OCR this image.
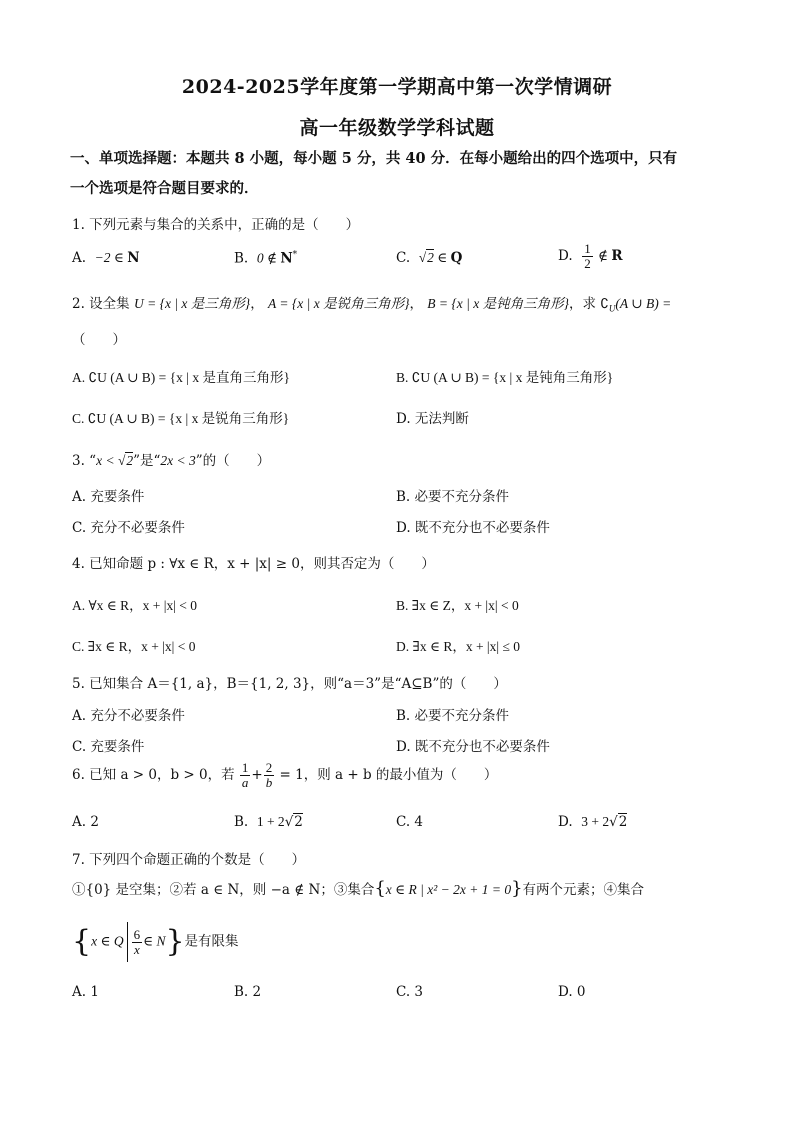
2024-2025学年度第一学期高中第一次学情调研
高一年级数学学科试题
一、单项选择题：本题共 8 小题，每小题 5 分，共 40 分．在每小题给出的四个选项中，只有
一个选项是符合题目要求的．
1. 下列元素与集合的关系中，正确的是（　　）
A. −2 ∈ N	B. 0 ∉ N*	C. √2 ∈ Q	D. $\frac{1}{2}$ ∉ R
2. 设全集 U = {x | x 是三角形}， A = {x | x 是锐角三角形}， B = {x | x 是钝角三角形}，求 $∁_U(A$ ∪ B) =
（　　）
A. ∁U (A ∪ B) = {x | x 是直角三角形}	B. ∁U (A ∪ B) = {x | x 是钝角三角形}
C. ∁U (A ∪ B) = {x | x 是锐角三角形}	D. 无法判断
3. “x < √2”是“2x < 3”的（　　）
A. 充要条件	B. 必要不充分条件
C. 充分不必要条件	D. 既不充分也不必要条件
4. 已知命题 p : ∀x ∈ R，x + |x| ≥ 0，则其否定为（　　）
A. ∀x ∈ R，x + |x| < 0	B. ∃x ∈ Z，x + |x| < 0
C. ∃x ∈ R，x + |x| < 0	D. ∃x ∈ R，x + |x| ≤ 0
5. 已知集合 A＝{1, a}，B＝{1, 2, 3}，则“a＝3”是“A⊆B”的（　　）
A. 充分不必要条件	B. 必要不充分条件
C. 充要条件	D. 既不充分也不必要条件
6. 已知 a > 0，b > 0，若 $\frac{1}{a} + \frac{2}{b} = 1$，则 a + b 的最小值为（　　）
A. 2	B. 1 + 2√2	C. 4	D. 3 + 2√2
7. 下列四个命题正确的个数是（　　）
①{0} 是空集；②若 a ∈ N，则 −a ∉ N；③集合{x ∈ R | x² − 2x + 1 = 0}有两个元素；④集合
{x ∈ Q $\frac{6}{x}$ ∈ N}是有限集
A. 1	B. 2	C. 3	D. 0
